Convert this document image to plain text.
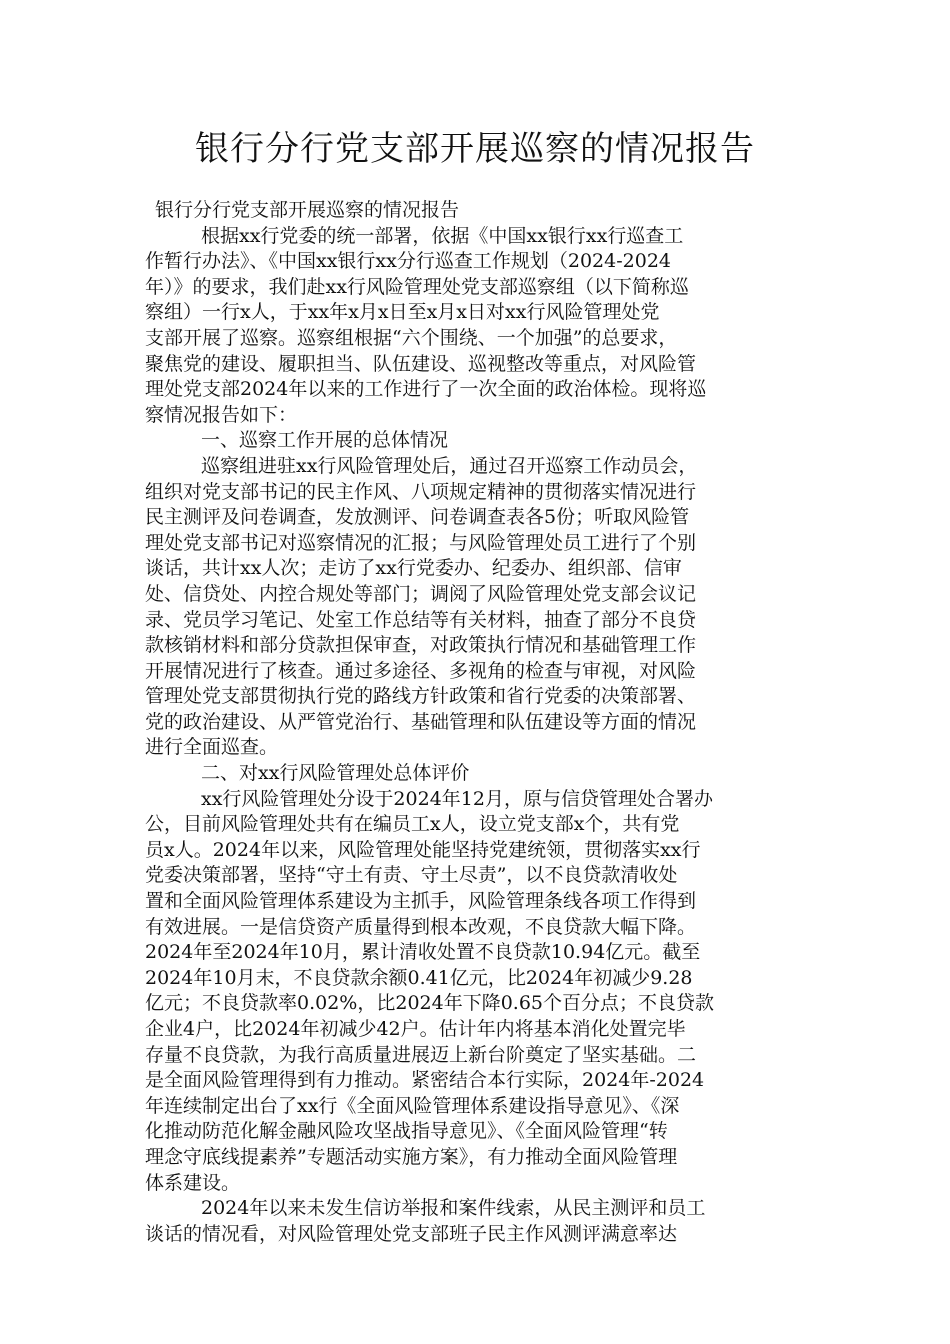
银行分行党支部开展巡察的情况报告
银行分行党支部开展巡察的情况报告
根据xx行党委的统一部署，依据《中国xx银行xx行巡查工
作暂行办法》、《中国xx银行xx分行巡查工作规划（2024-2024
年）》的要求，我们赴xx行风险管理处党支部巡察组（以下简称巡
察组）一行x人，于xx年x月x日至x月x日对xx行风险管理处党
支部开展了巡察。巡察组根据“六个围绕、一个加强”的总要求，
聚焦党的建设、履职担当、队伍建设、巡视整改等重点，对风险管
理处党支部2024年以来的工作进行了一次全面的政治体检。现将巡
察情况报告如下：
一、巡察工作开展的总体情况
巡察组进驻xx行风险管理处后，通过召开巡察工作动员会，
组织对党支部书记的民主作风、八项规定精神的贯彻落实情况进行
民主测评及问卷调查，发放测评、问卷调查表各5份；听取风险管
理处党支部书记对巡察情况的汇报；与风险管理处员工进行了个别
谈话，共计xx人次；走访了xx行党委办、纪委办、组织部、信审
处、信贷处、内控合规处等部门；调阅了风险管理处党支部会议记
录、党员学习笔记、处室工作总结等有关材料，抽查了部分不良贷
款核销材料和部分贷款担保审查，对政策执行情况和基础管理工作
开展情况进行了核查。通过多途径、多视角的检查与审视，对风险
管理处党支部贯彻执行党的路线方针政策和省行党委的决策部署、
党的政治建设、从严管党治行、基础管理和队伍建设等方面的情况
进行全面巡查。
二、对xx行风险管理处总体评价
xx行风险管理处分设于2024年12月，原与信贷管理处合署办
公，目前风险管理处共有在编员工x人，设立党支部x个，共有党
员x人。2024年以来，风险管理处能坚持党建统领，贯彻落实xx行
党委决策部署，坚持“守土有责、守土尽责”，以不良贷款清收处
置和全面风险管理体系建设为主抓手，风险管理条线各项工作得到
有效进展。一是信贷资产质量得到根本改观，不良贷款大幅下降。
2024年至2024年10月，累计清收处置不良贷款10.94亿元。截至
2024年10月末，不良贷款余额0.41亿元，比2024年初减少9.28
亿元；不良贷款率0.02%，比2024年下降0.65个百分点；不良贷款
企业4户，比2024年初减少42户。估计年内将基本消化处置完毕
存量不良贷款，为我行高质量进展迈上新台阶奠定了坚实基础。二
是全面风险管理得到有力推动。紧密结合本行实际，2024年-2024
年连续制定出台了xx行《全面风险管理体系建设指导意见》、《深
化推动防范化解金融风险攻坚战指导意见》、《全面风险管理“转
理念守底线提素养”专题活动实施方案》，有力推动全面风险管理
体系建设。
2024年以来未发生信访举报和案件线索，从民主测评和员工
谈话的情况看，对风险管理处党支部班子民主作风测评满意率达
